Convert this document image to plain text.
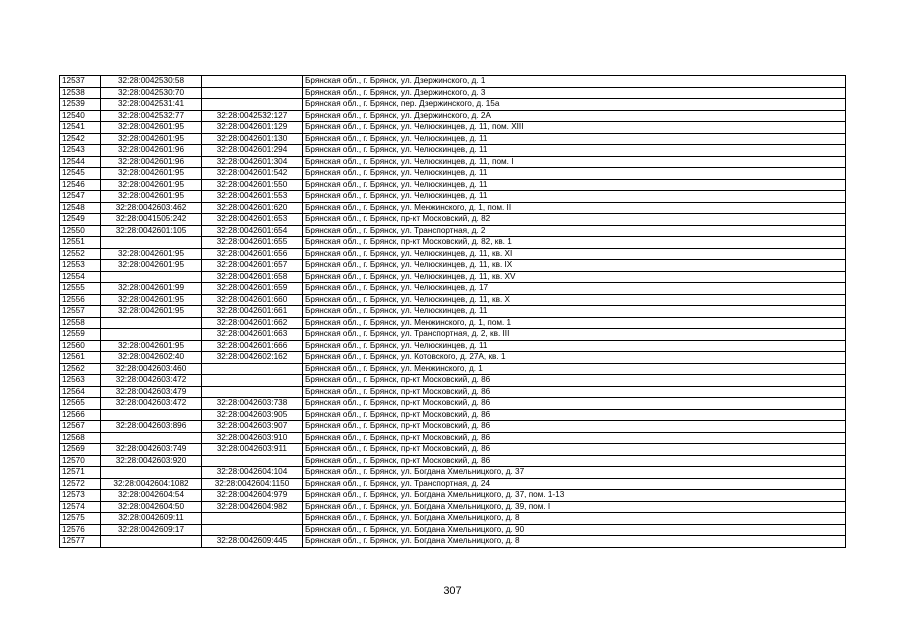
12537	32:28:0042530:58		Брянская обл., г. Брянск, ул. Дзержинского, д. 1
12538	32:28:0042530:70		Брянская обл., г. Брянск, ул. Дзержинского, д. 3
12539	32:28:0042531:41		Брянская обл., г. Брянск, пер. Дзержинского, д. 15а
12540	32:28:0042532:77	32:28:0042532:127	Брянская обл., г. Брянск, ул. Дзержинского, д. 2А
12541	32:28:0042601:95	32:28:0042601:129	Брянская обл., г. Брянск, ул. Челюскинцев, д. 11, пом. XIII
12542	32:28:0042601:95	32:28:0042601:130	Брянская обл., г. Брянск, ул. Челюскинцев, д. 11
12543	32:28:0042601:96	32:28:0042601:294	Брянская обл., г. Брянск, ул. Челюскинцев, д. 11
12544	32:28:0042601:96	32:28:0042601:304	Брянская обл., г. Брянск, ул. Челюскинцев, д. 11, пом. I
12545	32:28:0042601:95	32:28:0042601:542	Брянская обл., г. Брянск, ул. Челюскинцев, д. 11
12546	32:28:0042601:95	32:28:0042601:550	Брянская обл., г. Брянск, ул. Челюскинцев, д. 11
12547	32:28:0042601:95	32:28:0042601:553	Брянская обл., г. Брянск, ул. Челюскинцев, д. 11
12548	32:28:0042603:462	32:28:0042601:620	Брянская обл., г. Брянск, ул. Менжинского, д. 1, пом. II
12549	32:28:0041505:242	32:28:0042601:653	Брянская обл., г. Брянск, пр-кт Московский, д. 82
12550	32:28:0042601:105	32:28:0042601:654	Брянская обл., г. Брянск, ул. Транспортная, д. 2
12551		32:28:0042601:655	Брянская обл., г. Брянск, пр-кт Московский, д. 82, кв. 1
12552	32:28:0042601:95	32:28:0042601:656	Брянская обл., г. Брянск, ул. Челюскинцев, д. 11, кв. XI
12553	32:28:0042601:95	32:28:0042601:657	Брянская обл., г. Брянск, ул. Челюскинцев, д. 11, кв. IX
12554		32:28:0042601:658	Брянская обл., г. Брянск, ул. Челюскинцев, д. 11, кв. XV
12555	32:28:0042601:99	32:28:0042601:659	Брянская обл., г. Брянск, ул. Челюскинцев, д. 17
12556	32:28:0042601:95	32:28:0042601:660	Брянская обл., г. Брянск, ул. Челюскинцев, д. 11, кв. X
12557	32:28:0042601:95	32:28:0042601:661	Брянская обл., г. Брянск, ул. Челюскинцев, д. 11
12558		32:28:0042601:662	Брянская обл., г. Брянск, ул. Менжинского, д. 1, пом. 1
12559		32:28:0042601:663	Брянская обл., г. Брянск, ул. Транспортная, д. 2, кв. III
12560	32:28:0042601:95	32:28:0042601:666	Брянская обл., г. Брянск, ул. Челюскинцев, д. 11
12561	32:28:0042602:40	32:28:0042602:162	Брянская обл., г. Брянск, ул. Котовского, д. 27А, кв. 1
12562	32:28:0042603:460		Брянская обл., г. Брянск, ул. Менжинского, д. 1
12563	32:28:0042603:472		Брянская обл., г. Брянск, пр-кт Московский, д. 86
12564	32:28:0042603:479		Брянская обл., г. Брянск, пр-кт Московский, д. 86
12565	32:28:0042603:472	32:28:0042603:738	Брянская обл., г. Брянск, пр-кт Московский, д. 86
12566		32:28:0042603:905	Брянская обл., г. Брянск, пр-кт Московский, д. 86
12567	32:28:0042603:896	32:28:0042603:907	Брянская обл., г. Брянск, пр-кт Московский, д. 86
12568		32:28:0042603:910	Брянская обл., г. Брянск, пр-кт Московский, д. 86
12569	32:28:0042603:749	32:28:0042603:911	Брянская обл., г. Брянск, пр-кт Московский, д. 86
12570	32:28:0042603:920		Брянская обл., г. Брянск, пр-кт Московский, д. 86
12571		32:28:0042604:104	Брянская обл., г. Брянск, ул. Богдана Хмельницкого, д. 37
12572	32:28:0042604:1082	32:28:0042604:1150	Брянская обл., г. Брянск, ул. Транспортная, д. 24
12573	32:28:0042604:54	32:28:0042604:979	Брянская обл., г. Брянск, ул. Богдана Хмельницкого, д. 37, пом. 1-13
12574	32:28:0042604:50	32:28:0042604:982	Брянская обл., г. Брянск, ул. Богдана Хмельницкого, д. 39, пом. I
12575	32:28:0042609:11		Брянская обл., г. Брянск, ул. Богдана Хмельницкого, д. 8
12576	32:28:0042609:17		Брянская обл., г. Брянск, ул. Богдана Хмельницкого, д. 90
12577		32:28:0042609:445	Брянская обл., г. Брянск, ул. Богдана Хмельницкого, д. 8
307
